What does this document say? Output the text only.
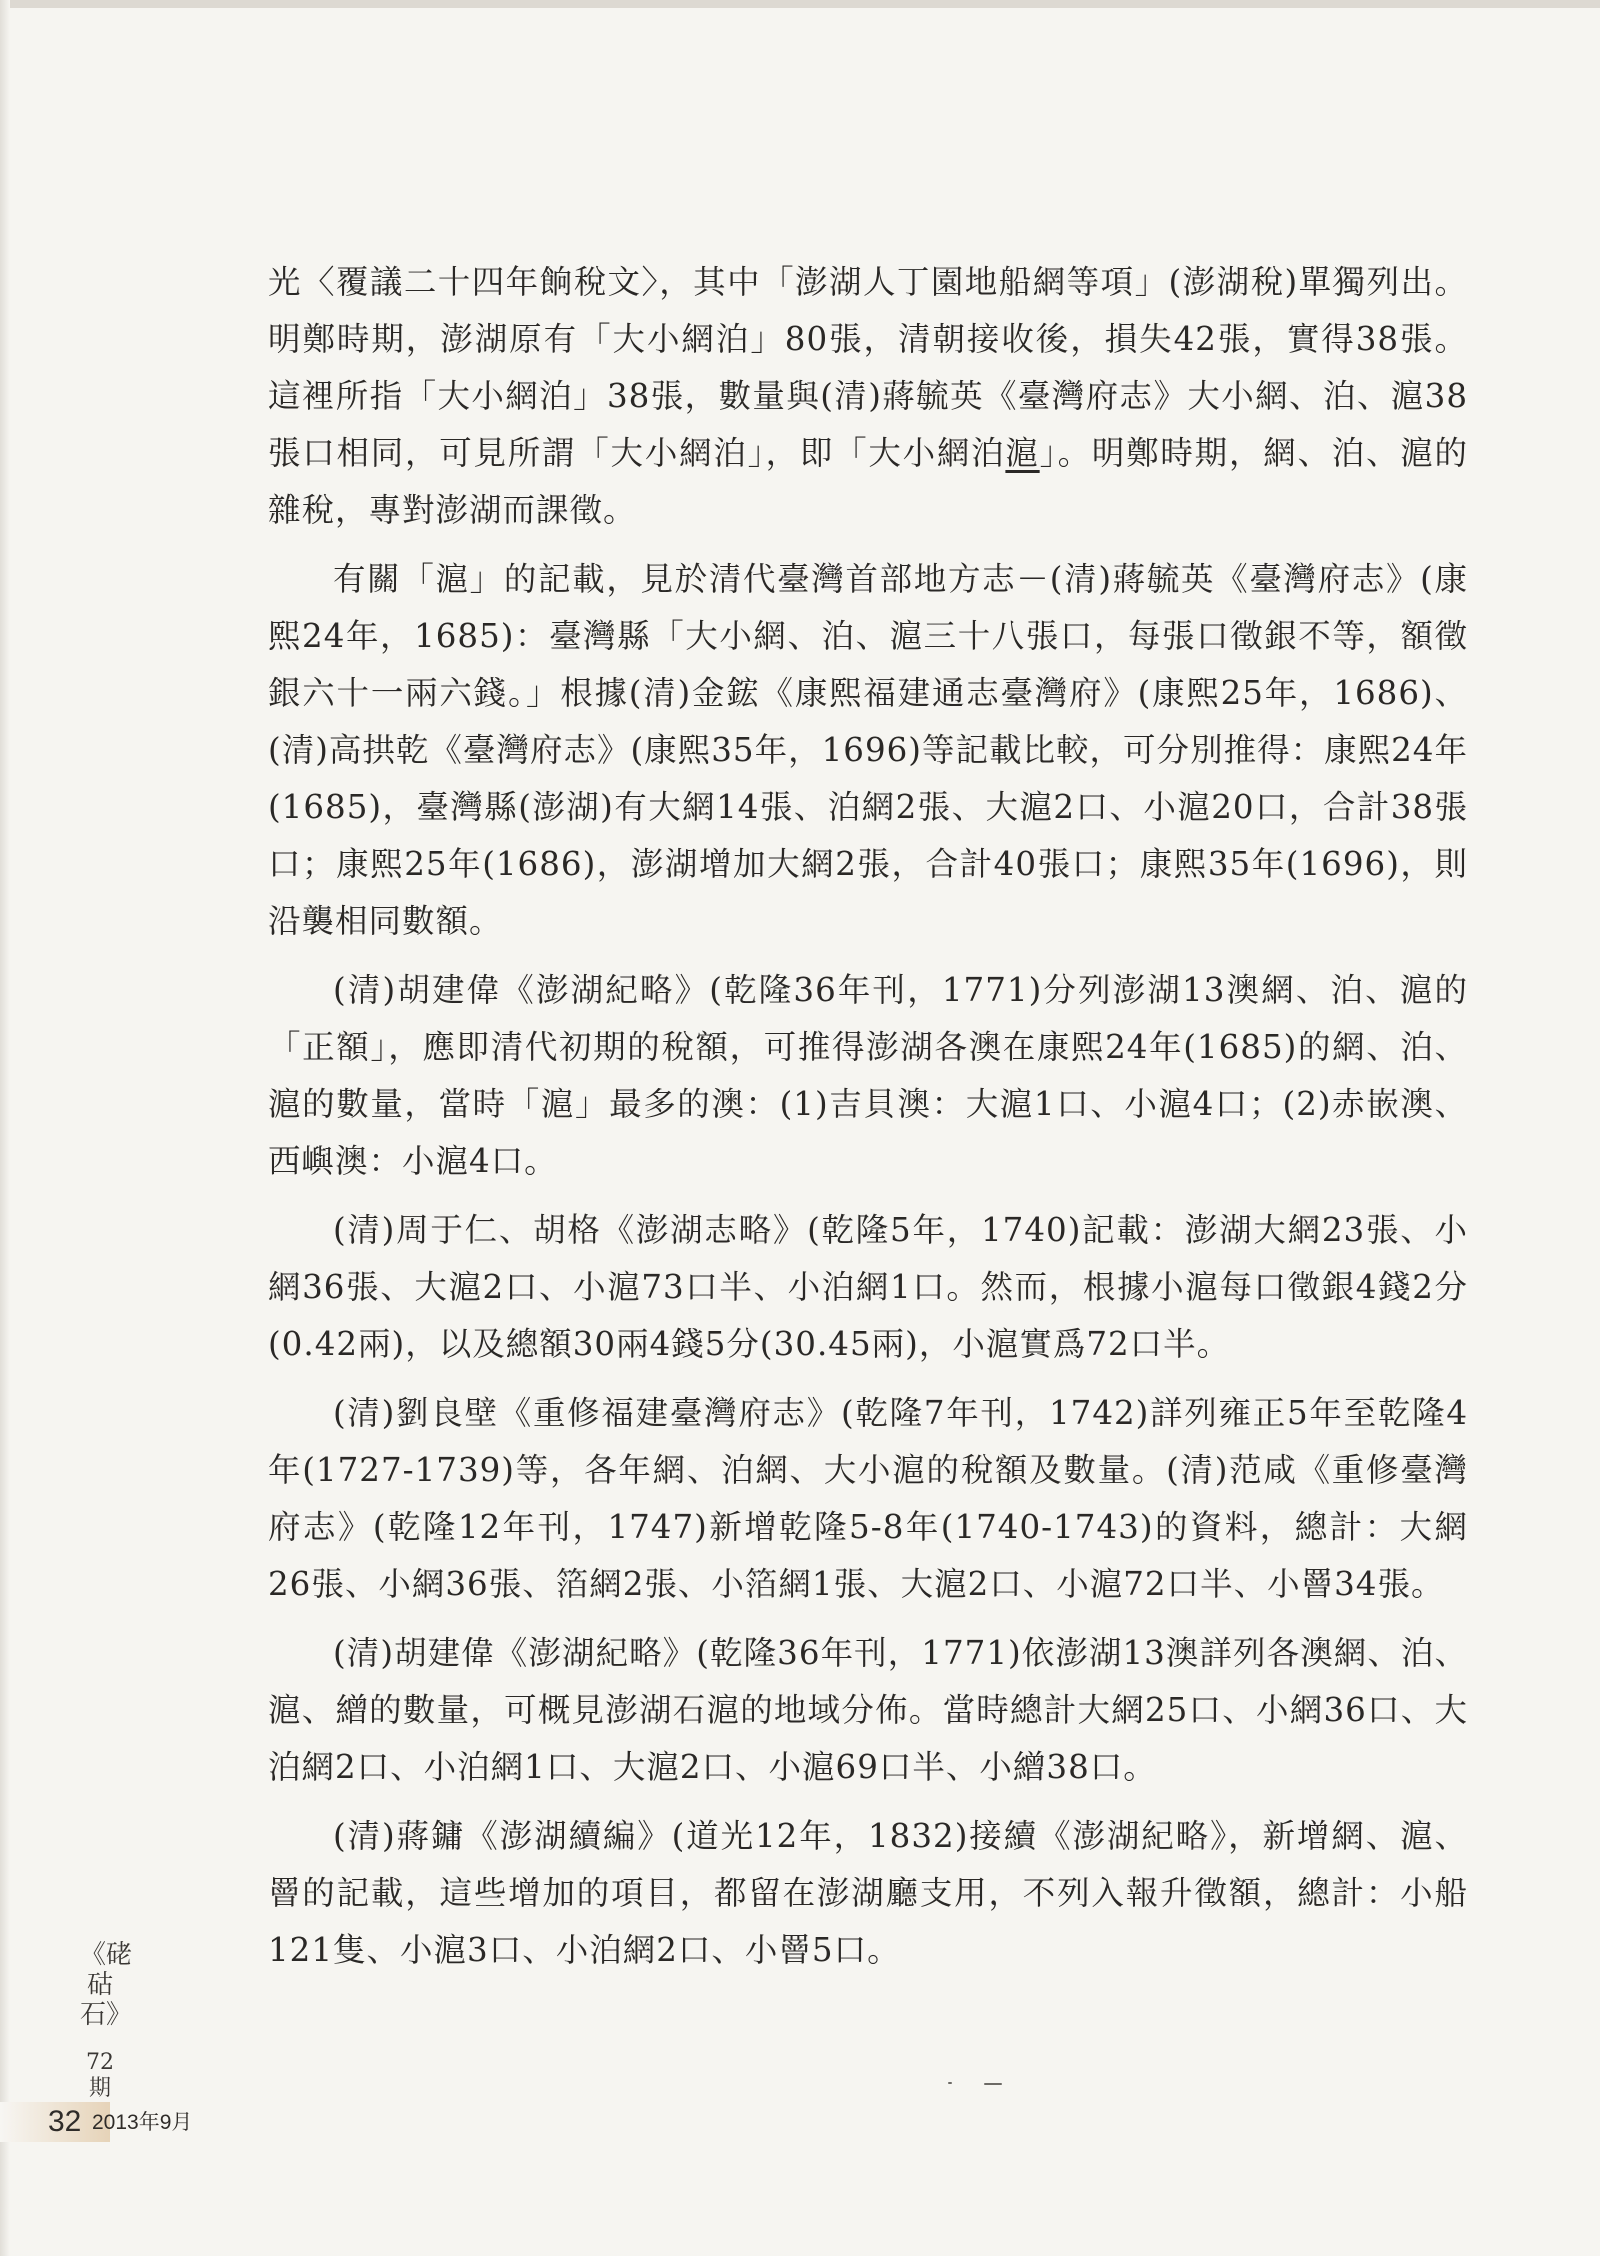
光〈覆議二十四年餉稅文〉，其中「澎湖人丁園地船網等項」(澎湖稅)單獨列出。明鄭時期，澎湖原有「大小網泊」80張，清朝接收後，損失42張，實得38張。這裡所指「大小網泊」38張，數量與(清)蔣毓英《臺灣府志》大小網、泊、滬38張口相同，可見所謂「大小網泊」，即「大小網泊滬」。明鄭時期，網、泊、滬的雜稅，專對澎湖而課徵。

有關「滬」的記載，見於清代臺灣首部地方志－(清)蔣毓英《臺灣府志》(康熙24年，1685)：臺灣縣「大小網、泊、滬三十八張口，每張口徵銀不等，額徵銀六十一兩六錢。」根據(清)金鋐《康熙福建通志臺灣府》(康熙25年，1686)、(清)高拱乾《臺灣府志》(康熙35年，1696)等記載比較，可分別推得：康熙24年(1685)，臺灣縣(澎湖)有大網14張、泊網2張、大滬2口、小滬20口，合計38張口；康熙25年(1686)，澎湖增加大網2張，合計40張口；康熙35年(1696)，則沿襲相同數額。

(清)胡建偉《澎湖紀略》(乾隆36年刊，1771)分列澎湖13澳網、泊、滬的「正額」，應即清代初期的稅額，可推得澎湖各澳在康熙24年(1685)的網、泊、滬的數量，當時「滬」最多的澳：(1)吉貝澳：大滬1口、小滬4口；(2)赤嵌澳、西嶼澳：小滬4口。

(清)周于仁、胡格《澎湖志略》(乾隆5年，1740)記載：澎湖大網23張、小網36張、大滬2口、小滬73口半、小泊網1口。然而，根據小滬每口徵銀4錢2分(0.42兩)，以及總額30兩4錢5分(30.45兩)，小滬實爲72口半。

(清)劉良壁《重修福建臺灣府志》(乾隆7年刊，1742)詳列雍正5年至乾隆4年(1727-1739)等，各年網、泊網、大小滬的稅額及數量。(清)范咸《重修臺灣府志》(乾隆12年刊，1747)新增乾隆5-8年(1740-1743)的資料，總計：大網26張、小網36張、箔網2張、小箔網1張、大滬2口、小滬72口半、小罾34張。

(清)胡建偉《澎湖紀略》(乾隆36年刊，1771)依澎湖13澳詳列各澳網、泊、滬、繒的數量，可概見澎湖石滬的地域分佈。當時總計大網25口、小網36口、大泊網2口、小泊網1口、大滬2口、小滬69口半、小繒38口。

(清)蔣鏞《澎湖續編》(道光12年，1832)接續《澎湖紀略》，新增網、滬、罾的記載，這些增加的項目，都留在澎湖廳支用，不列入報升徵額，總計：小船121隻、小滬3口、小泊網2口、小罾5口。

《硓𥑮石》
72期
32 2013年9月
